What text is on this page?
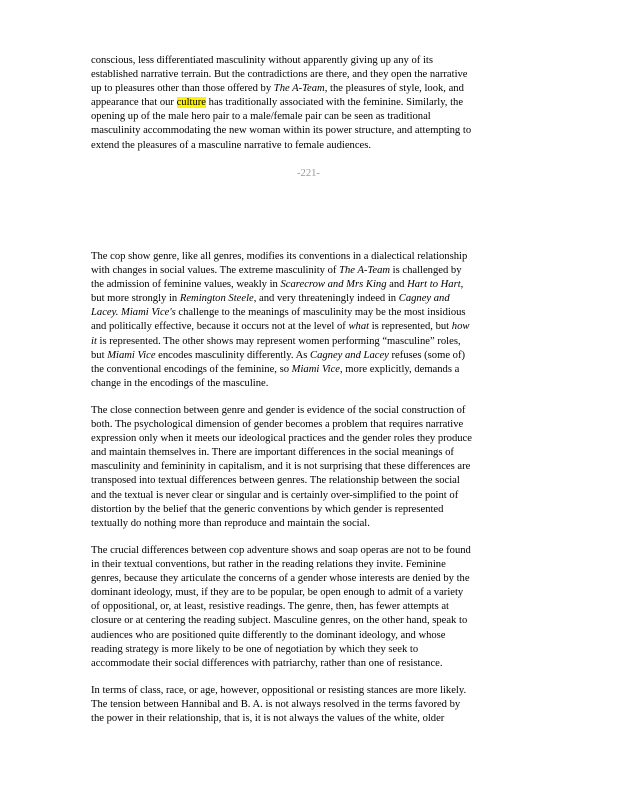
conscious, less differentiated masculinity without apparently giving up any of its
established narrative terrain. But the contradictions are there, and they open the narrative
up to pleasures other than those offered by The A-Team, the pleasures of style, look, and
appearance that our culture has traditionally associated with the feminine. Similarly, the
opening up of the male hero pair to a male/female pair can be seen as traditional
masculinity accommodating the new woman within its power structure, and attempting to
extend the pleasures of a masculine narrative to female audiences.

-221-

The cop show genre, like all genres, modifies its conventions in a dialectical relationship
with changes in social values. The extreme masculinity of The A-Team is challenged by
the admission of feminine values, weakly in Scarecrow and Mrs King and Hart to Hart,
but more strongly in Remington Steele, and very threateningly indeed in Cagney and
Lacey. Miami Vice's challenge to the meanings of masculinity may be the most insidious
and politically effective, because it occurs not at the level of what is represented, but how
it is represented. The other shows may represent women performing “masculine” roles,
but Miami Vice encodes masculinity differently. As Cagney and Lacey refuses (some of)
the conventional encodings of the feminine, so Miami Vice, more explicitly, demands a
change in the encodings of the masculine.

The close connection between genre and gender is evidence of the social construction of
both. The psychological dimension of gender becomes a problem that requires narrative
expression only when it meets our ideological practices and the gender roles they produce
and maintain themselves in. There are important differences in the social meanings of
masculinity and femininity in capitalism, and it is not surprising that these differences are
transposed into textual differences between genres. The relationship between the social
and the textual is never clear or singular and is certainly over-simplified to the point of
distortion by the belief that the generic conventions by which gender is represented
textually do nothing more than reproduce and maintain the social.

The crucial differences between cop adventure shows and soap operas are not to be found
in their textual conventions, but rather in the reading relations they invite. Feminine
genres, because they articulate the concerns of a gender whose interests are denied by the
dominant ideology, must, if they are to be popular, be open enough to admit of a variety
of oppositional, or, at least, resistive readings. The genre, then, has fewer attempts at
closure or at centering the reading subject. Masculine genres, on the other hand, speak to
audiences who are positioned quite differently to the dominant ideology, and whose
reading strategy is more likely to be one of negotiation by which they seek to
accommodate their social differences with patriarchy, rather than one of resistance.

In terms of class, race, or age, however, oppositional or resisting stances are more likely.
The tension between Hannibal and B. A. is not always resolved in the terms favored by
the power in their relationship, that is, it is not always the values of the white, older
